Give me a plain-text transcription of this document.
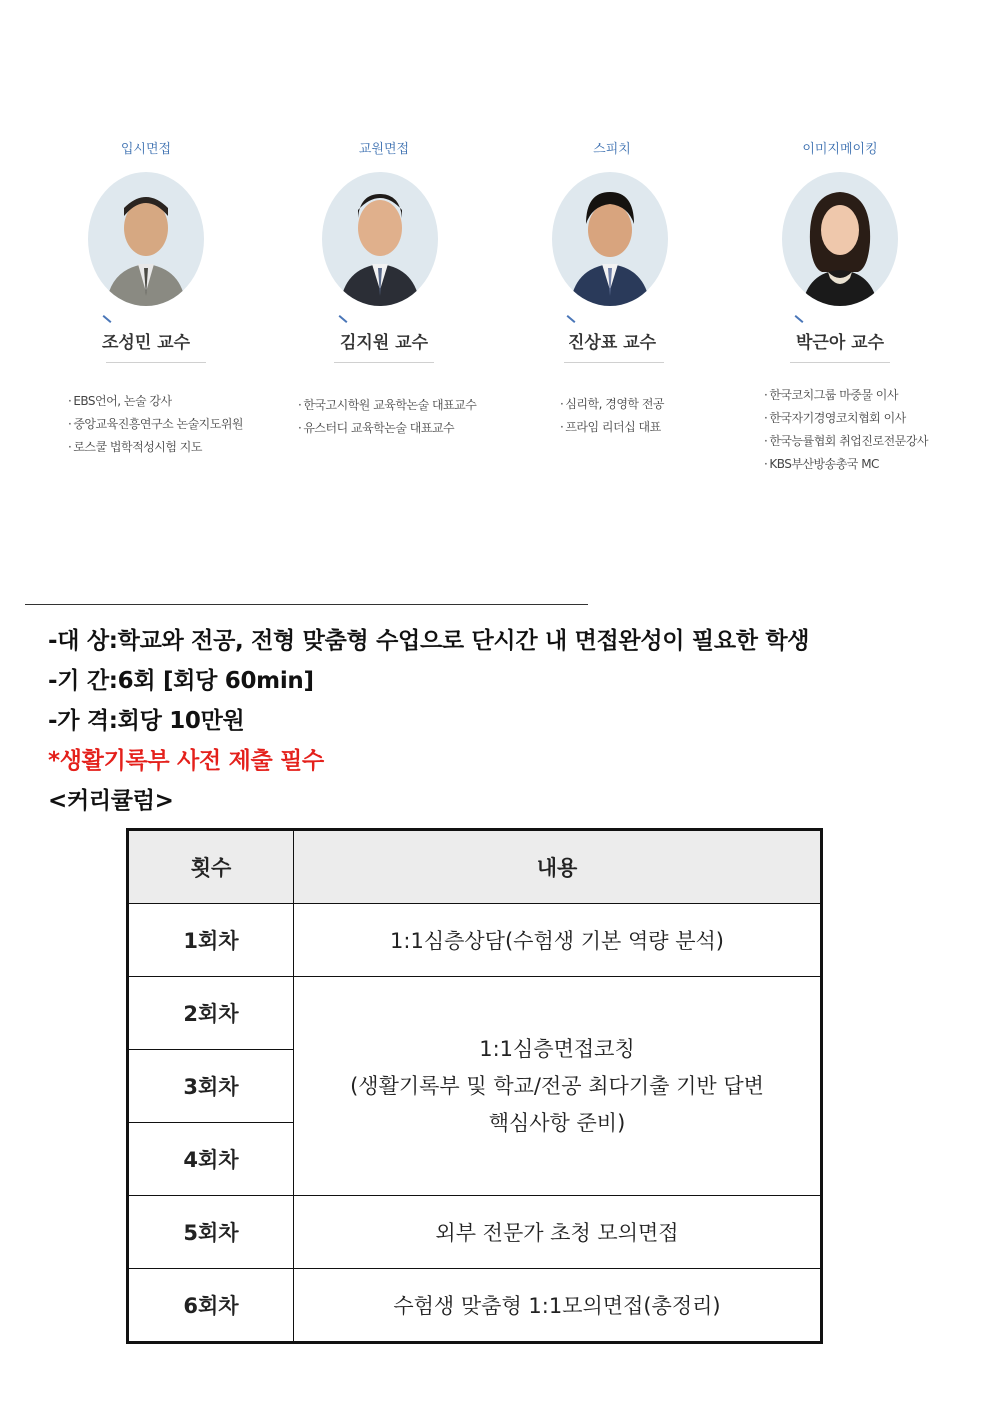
입시면접
조성민 교수
· EBS언어, 논술 강사
· 중앙교육진흥연구소 논술지도위원
· 로스쿨 법학적성시험 지도
교원면접
김지원 교수
· 한국고시학원 교육학논술 대표교수
· 유스터디 교육학논술 대표교수
스피치
진상표 교수
· 심리학, 경영학 전공
· 프라임 리더십 대표
이미지메이킹
박근아 교수
· 한국코치그룹 마중물 이사
· 한국자기경영코치협회 이사
· 한국능률협회 취업진로전문강사
· KBS부산방송총국 MC
-대 상:학교와 전공, 전형 맞춤형 수업으로 단시간 내 면접완성이 필요한 학생
-기 간:6회 [회당 60min]
-가 격:회당 10만원
*생활기록부 사전 제출 필수
<커리큘럼>
횟수	내용
1회차	1:1심층상담(수험생 기본 역량 분석)
2회차	1:1심층면접코칭
(생활기록부 및 학교/전공 최다기출 기반 답변
핵심사항 준비)

3회차	
4회차	
5회차	외부 전문가 초청 모의면접
6회차	수험생 맞춤형 1:1모의면접(총정리)
